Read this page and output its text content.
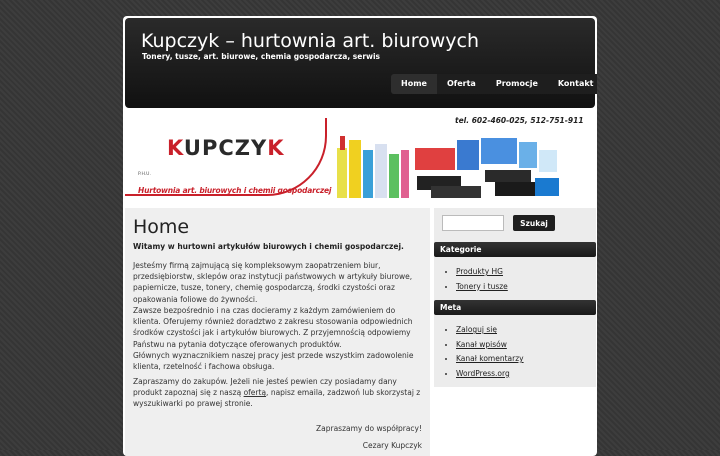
Kupczyk – hurtownia art. biurowych
Tonery, tusze, art. biurowe, chemia gospodarcza, serwis
Home	Oferta	Promocje	Kontakt
KUPCZYK
P.H.U.
Hurtownia art. biurowych i chemii gospodarczej
tel. 602-460-025, 512-751-911
Home

Witamy w hurtowni artykułów biurowych i chemii gospodarczej.

Jesteśmy firmą zajmującą się kompleksowym zaopatrzeniem biur, przedsiębiorstw, sklepów oraz instytucji państwowych w artykuły biurowe, papiernicze, tusze, tonery, chemię gospodarczą, środki czystości oraz opakowania foliowe do żywności.

Zawsze bezpośrednio i na czas docieramy z każdym zamówieniem do klienta. Oferujemy również doradztwo z zakresu stosowania odpowiednich środków czystości jak i artykułów biurowych. Z przyjemnością odpowiemy Państwu na pytania dotyczące oferowanych produktów.

Głównych wyznacznikiem naszej pracy jest przede wszystkim zadowolenie klienta, rzetelność i fachowa obsługa.

Zapraszamy do zakupów. Jeżeli nie jesteś pewien czy posiadamy dany produkt zapoznaj się z naszą ofertą, napisz emaila, zadzwoń lub skorzystaj z wyszukiwarki po prawej stronie.

Zapraszamy do współpracy!

Cezary Kupczyk

Szukaj
Kategorie
• Produkty HG
• Tonery i tusze
Meta
• Zaloguj się
• Kanał wpisów
• Kanał komentarzy
• WordPress.org
